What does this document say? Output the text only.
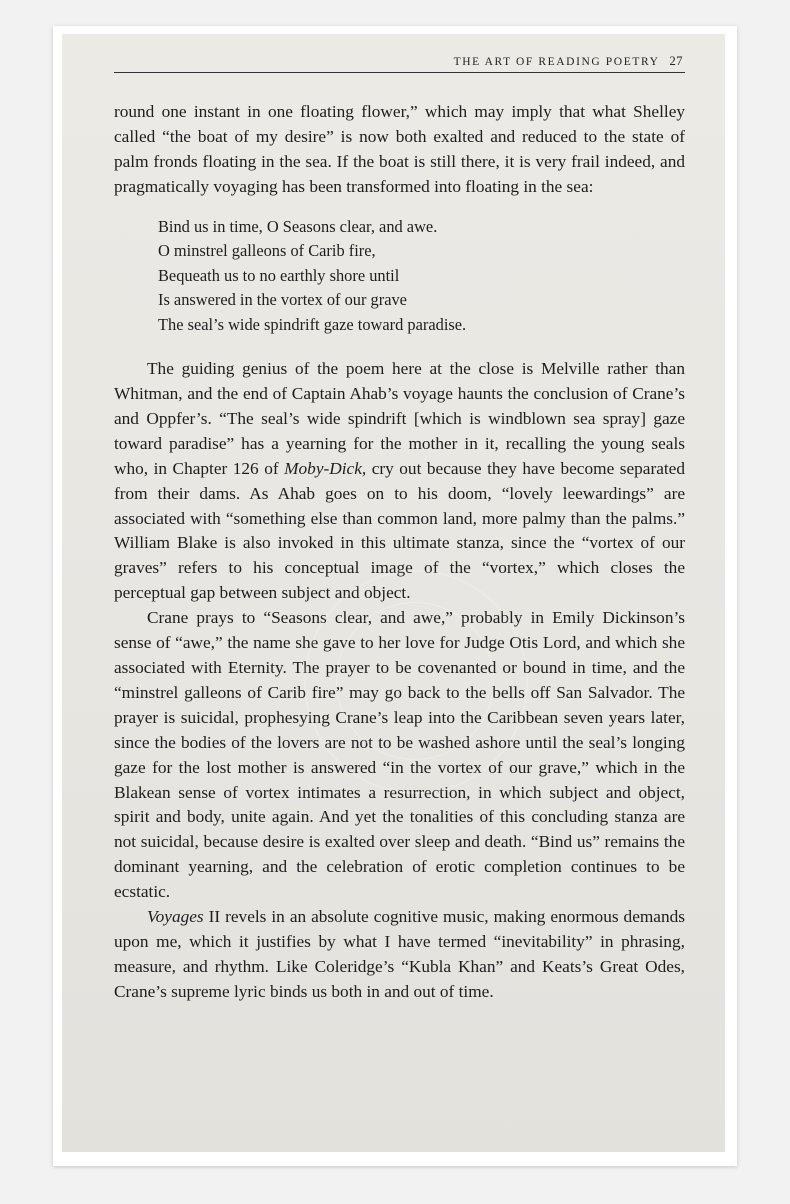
THE ART OF READING POETRY 27

round one instant in one floating flower,” which may imply that what Shelley called “the boat of my desire” is now both exalted and reduced to the state of palm fronds floating in the sea. If the boat is still there, it is very frail indeed, and pragmatically voyaging has been transformed into floating in the sea:

Bind us in time, O Seasons clear, and awe.
O minstrel galleons of Carib fire,
Bequeath us to no earthly shore until
Is answered in the vortex of our grave
The seal’s wide spindrift gaze toward paradise.

The guiding genius of the poem here at the close is Melville rather than Whitman, and the end of Captain Ahab’s voyage haunts the conclusion of Crane’s and Oppfer’s. “The seal’s wide spindrift [which is windblown sea spray] gaze toward paradise” has a yearning for the mother in it, recalling the young seals who, in Chapter 126 of Moby-Dick, cry out because they have become separated from their dams. As Ahab goes on to his doom, “lovely leewardings” are associated with “something else than common land, more palmy than the palms.” William Blake is also invoked in this ultimate stanza, since the “vortex of our graves” refers to his conceptual image of the “vortex,” which closes the perceptual gap between subject and object.

Crane prays to “Seasons clear, and awe,” probably in Emily Dickinson’s sense of “awe,” the name she gave to her love for Judge Otis Lord, and which she associated with Eternity. The prayer to be covenanted or bound in time, and the “minstrel galleons of Carib fire” may go back to the bells off San Salvador. The prayer is suicidal, prophesying Crane’s leap into the Caribbean seven years later, since the bodies of the lovers are not to be washed ashore until the seal’s longing gaze for the lost mother is answered “in the vortex of our grave,” which in the Blakean sense of vortex intimates a resurrection, in which subject and object, spirit and body, unite again. And yet the tonalities of this concluding stanza are not suicidal, because desire is exalted over sleep and death. “Bind us” remains the dominant yearning, and the celebration of erotic completion continues to be ecstatic.

Voyages II revels in an absolute cognitive music, making enormous demands upon me, which it justifies by what I have termed “inevitability” in phrasing, measure, and rhythm. Like Coleridge’s “Kubla Khan” and Keats’s Great Odes, Crane’s supreme lyric binds us both in and out of time.
